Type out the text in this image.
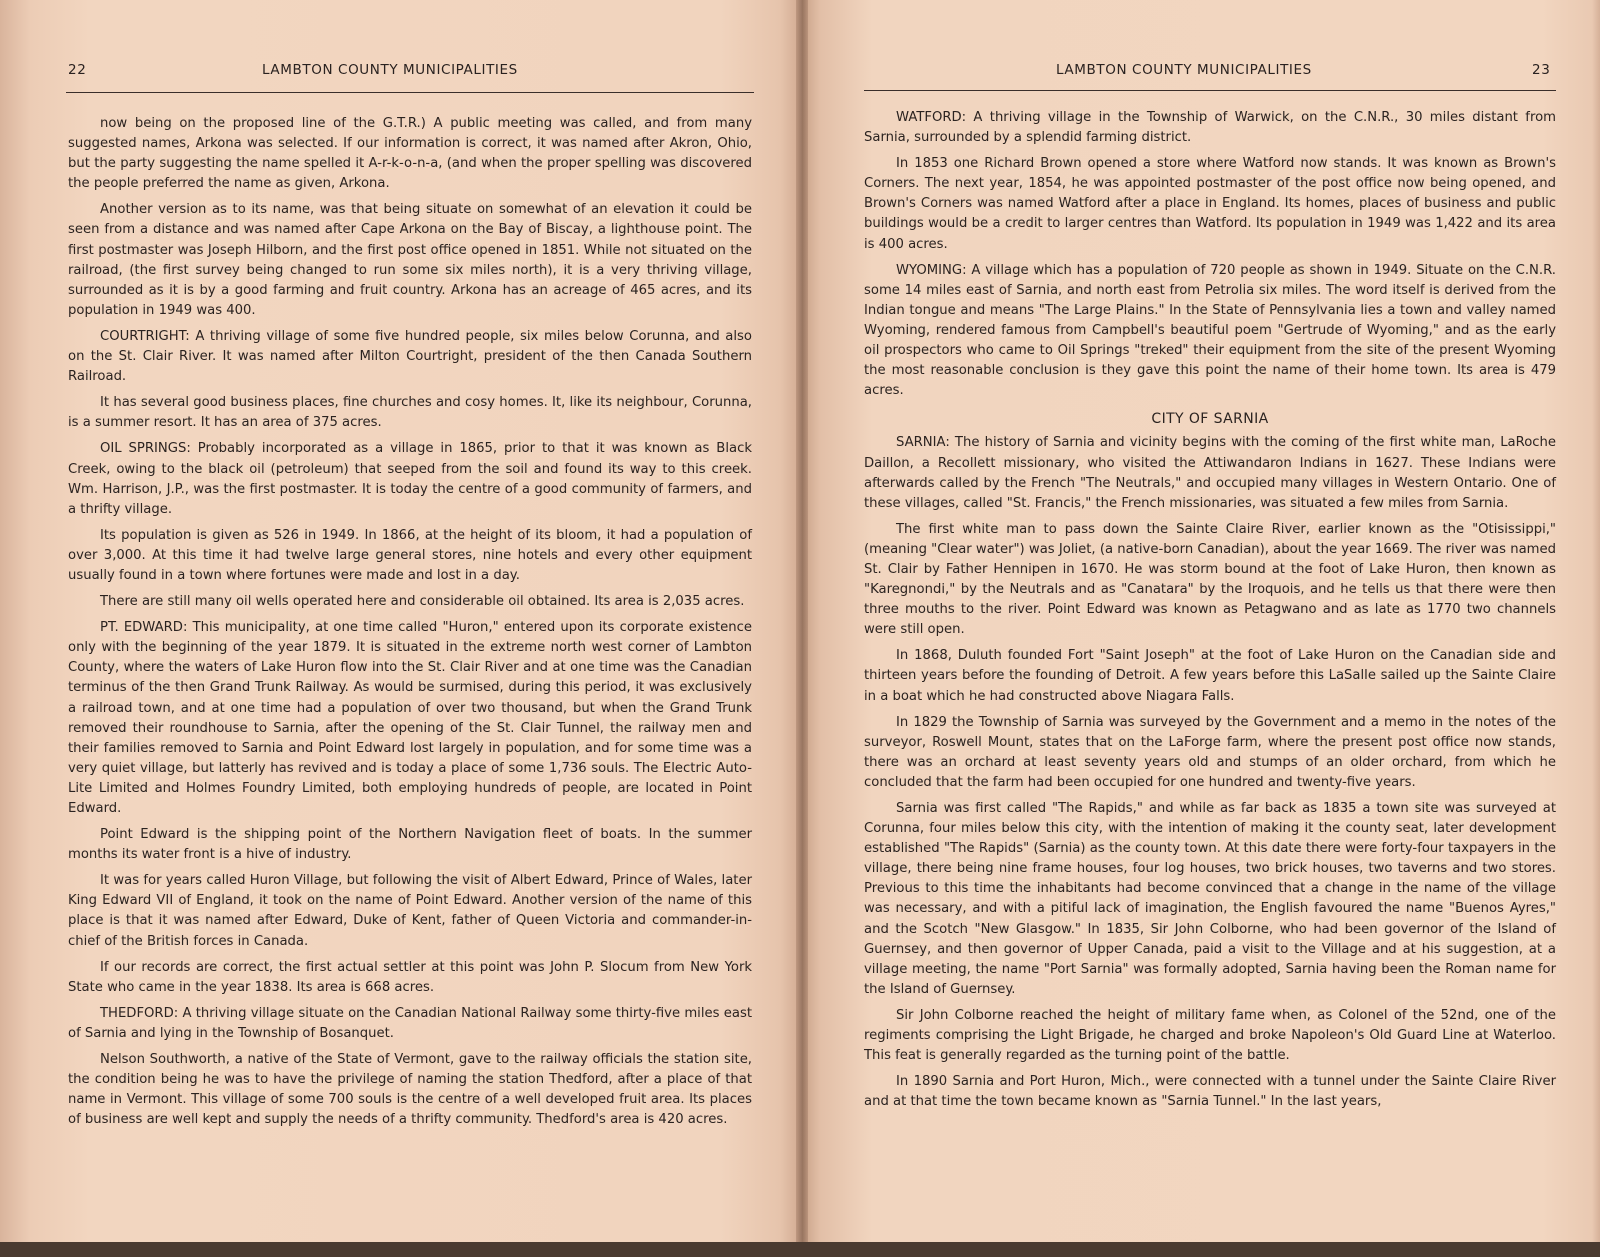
22	LAMBTON COUNTY MUNICIPALITIES

now being on the proposed line of the G.T.R.) A public meeting was called, and from many suggested names, Arkona was selected. If our information is correct, it was named after Akron, Ohio, but the party suggesting the name spelled it A-r-k-o-n-a, (and when the proper spelling was discovered the people preferred the name as given, Arkona.

Another version as to its name, was that being situate on somewhat of an elevation it could be seen from a distance and was named after Cape Arkona on the Bay of Biscay, a lighthouse point. The first postmaster was Joseph Hilborn, and the first post office opened in 1851. While not situated on the railroad, (the first survey being changed to run some six miles north), it is a very thriving village, surrounded as it is by a good farming and fruit country. Arkona has an acreage of 465 acres, and its population in 1949 was 400.

COURTRIGHT: A thriving village of some five hundred people, six miles below Corunna, and also on the St. Clair River. It was named after Milton Courtright, president of the then Canada Southern Railroad.

It has several good business places, fine churches and cosy homes. It, like its neighbour, Corunna, is a summer resort. It has an area of 375 acres.

OIL SPRINGS: Probably incorporated as a village in 1865, prior to that it was known as Black Creek, owing to the black oil (petroleum) that seeped from the soil and found its way to this creek. Wm. Harrison, J.P., was the first postmaster. It is today the centre of a good community of farmers, and a thrifty village.

Its population is given as 526 in 1949. In 1866, at the height of its bloom, it had a population of over 3,000. At this time it had twelve large general stores, nine hotels and every other equipment usually found in a town where fortunes were made and lost in a day.

There are still many oil wells operated here and considerable oil obtained. Its area is 2,035 acres.

PT. EDWARD: This municipality, at one time called "Huron," entered upon its corporate existence only with the beginning of the year 1879. It is situated in the extreme north west corner of Lambton County, where the waters of Lake Huron flow into the St. Clair River and at one time was the Canadian terminus of the then Grand Trunk Railway. As would be surmised, during this period, it was exclusively a railroad town, and at one time had a population of over two thousand, but when the Grand Trunk removed their roundhouse to Sarnia, after the opening of the St. Clair Tunnel, the railway men and their families removed to Sarnia and Point Edward lost largely in population, and for some time was a very quiet village, but latterly has revived and is today a place of some 1,736 souls. The Electric Auto-Lite Limited and Holmes Foundry Limited, both employing hundreds of people, are located in Point Edward.

Point Edward is the shipping point of the Northern Navigation fleet of boats. In the summer months its water front is a hive of industry.

It was for years called Huron Village, but following the visit of Albert Edward, Prince of Wales, later King Edward VII of England, it took on the name of Point Edward. Another version of the name of this place is that it was named after Edward, Duke of Kent, father of Queen Victoria and commander-in-chief of the British forces in Canada.

If our records are correct, the first actual settler at this point was John P. Slocum from New York State who came in the year 1838. Its area is 668 acres.

THEDFORD: A thriving village situate on the Canadian National Railway some thirty-five miles east of Sarnia and lying in the Township of Bosanquet.

Nelson Southworth, a native of the State of Vermont, gave to the railway officials the station site, the condition being he was to have the privilege of naming the station Thedford, after a place of that name in Vermont. This village of some 700 souls is the centre of a well developed fruit area. Its places of business are well kept and supply the needs of a thrifty community. Thedford's area is 420 acres.

LAMBTON COUNTY MUNICIPALITIES	23

WATFORD: A thriving village in the Township of Warwick, on the C.N.R., 30 miles distant from Sarnia, surrounded by a splendid farming district.

In 1853 one Richard Brown opened a store where Watford now stands. It was known as Brown's Corners. The next year, 1854, he was appointed postmaster of the post office now being opened, and Brown's Corners was named Watford after a place in England. Its homes, places of business and public buildings would be a credit to larger centres than Watford. Its population in 1949 was 1,422 and its area is 400 acres.

WYOMING: A village which has a population of 720 people as shown in 1949. Situate on the C.N.R. some 14 miles east of Sarnia, and north east from Petrolia six miles. The word itself is derived from the Indian tongue and means "The Large Plains." In the State of Pennsylvania lies a town and valley named Wyoming, rendered famous from Campbell's beautiful poem "Gertrude of Wyoming," and as the early oil prospectors who came to Oil Springs "treked" their equipment from the site of the present Wyoming the most reasonable conclusion is they gave this point the name of their home town. Its area is 479 acres.

CITY OF SARNIA

SARNIA: The history of Sarnia and vicinity begins with the coming of the first white man, LaRoche Daillon, a Recollett missionary, who visited the Attiwandaron Indians in 1627. These Indians were afterwards called by the French "The Neutrals," and occupied many villages in Western Ontario. One of these villages, called "St. Francis," the French missionaries, was situated a few miles from Sarnia.

The first white man to pass down the Sainte Claire River, earlier known as the "Otisissippi," (meaning "Clear water") was Joliet, (a native-born Canadian), about the year 1669. The river was named St. Clair by Father Hennipen in 1670. He was storm bound at the foot of Lake Huron, then known as "Karegnondi," by the Neutrals and as "Canatara" by the Iroquois, and he tells us that there were then three mouths to the river. Point Edward was known as Petagwano and as late as 1770 two channels were still open.

In 1868, Duluth founded Fort "Saint Joseph" at the foot of Lake Huron on the Canadian side and thirteen years before the founding of Detroit. A few years before this LaSalle sailed up the Sainte Claire in a boat which he had constructed above Niagara Falls.

In 1829 the Township of Sarnia was surveyed by the Government and a memo in the notes of the surveyor, Roswell Mount, states that on the LaForge farm, where the present post office now stands, there was an orchard at least seventy years old and stumps of an older orchard, from which he concluded that the farm had been occupied for one hundred and twenty-five years.

Sarnia was first called "The Rapids," and while as far back as 1835 a town site was surveyed at Corunna, four miles below this city, with the intention of making it the county seat, later development established "The Rapids" (Sarnia) as the county town. At this date there were forty-four taxpayers in the village, there being nine frame houses, four log houses, two brick houses, two taverns and two stores. Previous to this time the inhabitants had become convinced that a change in the name of the village was necessary, and with a pitiful lack of imagination, the English favoured the name "Buenos Ayres," and the Scotch "New Glasgow." In 1835, Sir John Colborne, who had been governor of the Island of Guernsey, and then governor of Upper Canada, paid a visit to the Village and at his suggestion, at a village meeting, the name "Port Sarnia" was formally adopted, Sarnia having been the Roman name for the Island of Guernsey.

Sir John Colborne reached the height of military fame when, as Colonel of the 52nd, one of the regiments comprising the Light Brigade, he charged and broke Napoleon's Old Guard Line at Waterloo. This feat is generally regarded as the turning point of the battle.

In 1890 Sarnia and Port Huron, Mich., were connected with a tunnel under the Sainte Claire River and at that time the town became known as "Sarnia Tunnel." In the last years,
